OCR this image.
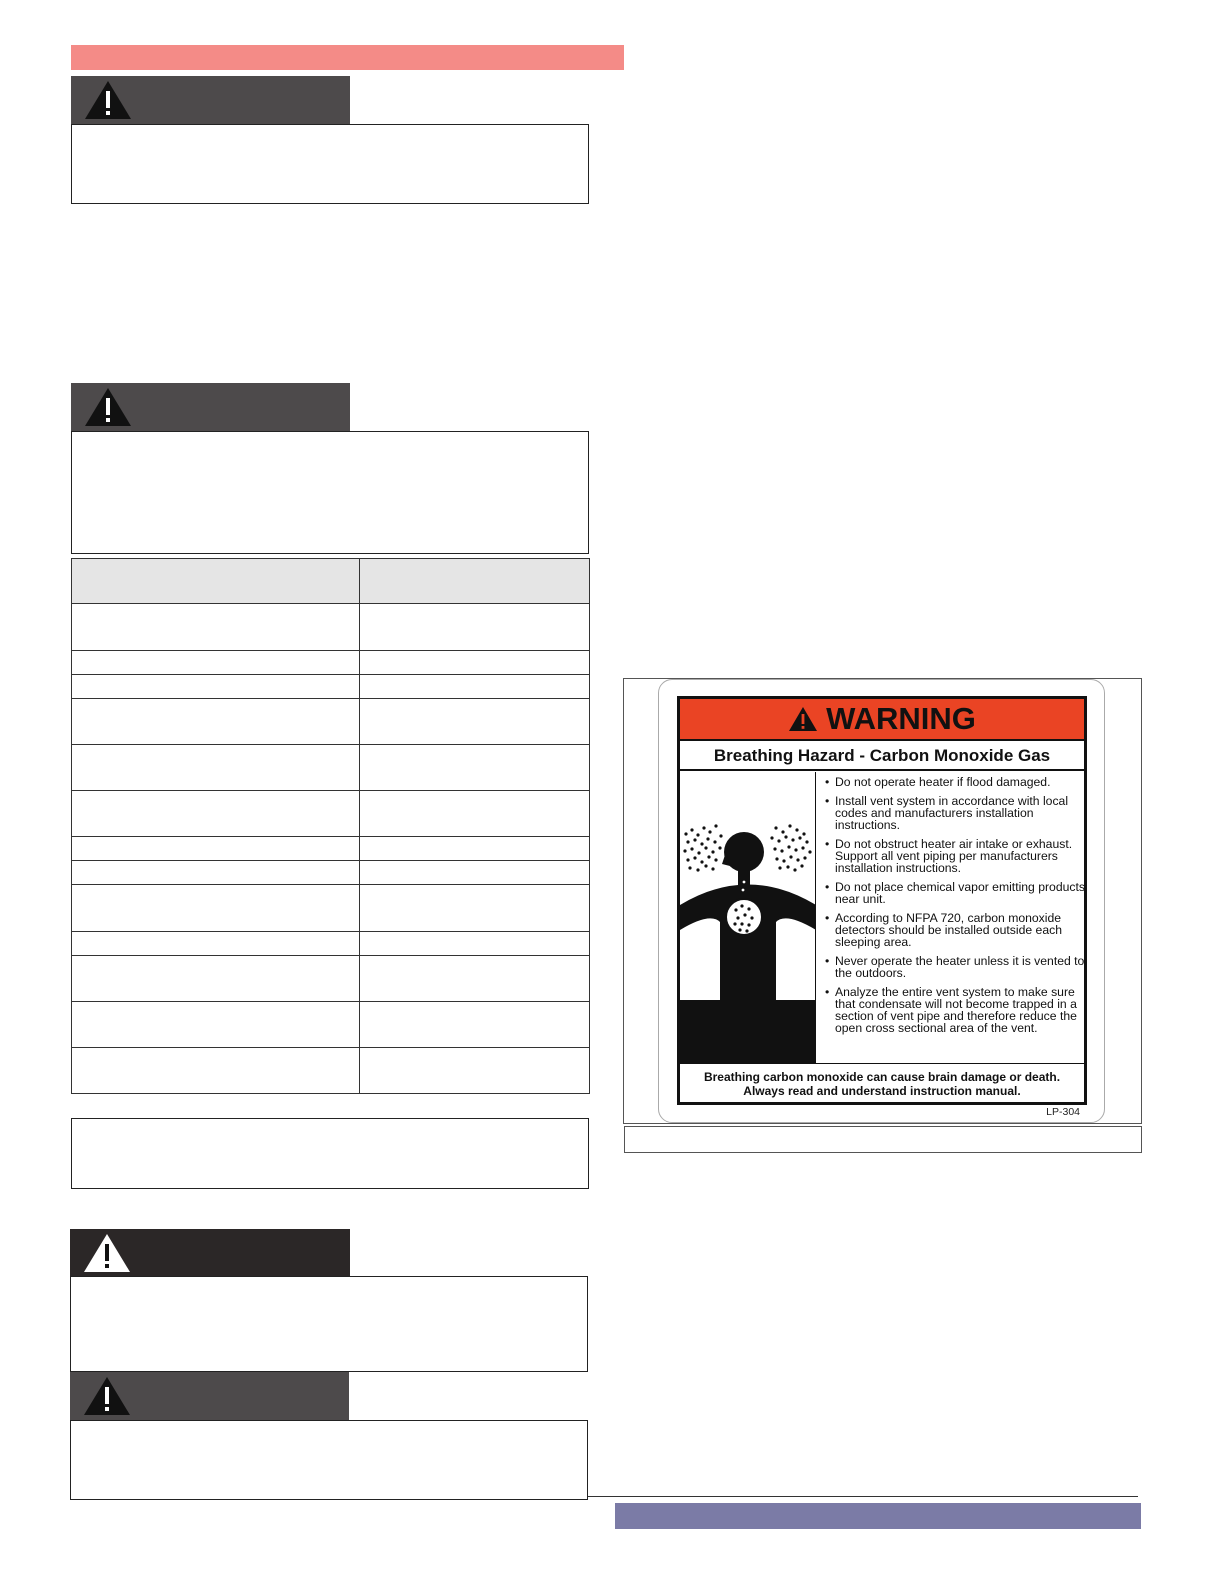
WARNING
Breathing Hazard - Carbon Monoxide Gas
• Do not operate heater if flood damaged.
• Install vent system in accordance with local codes and manufacturers installation instructions.
• Do not obstruct heater air intake or exhaust. Support all vent piping per manufacturers installation instructions.
• Do not place chemical vapor emitting products near unit.
• According to NFPA 720, carbon monoxide detectors should be installed outside each sleeping area.
• Never operate the heater unless it is vented to the outdoors.
• Analyze the entire vent system to make sure that condensate will not become trapped in a section of vent pipe and therefore reduce the open cross sectional area of the vent.
Breathing carbon monoxide can cause brain damage or death.
Always read and understand instruction manual.
LP-304
